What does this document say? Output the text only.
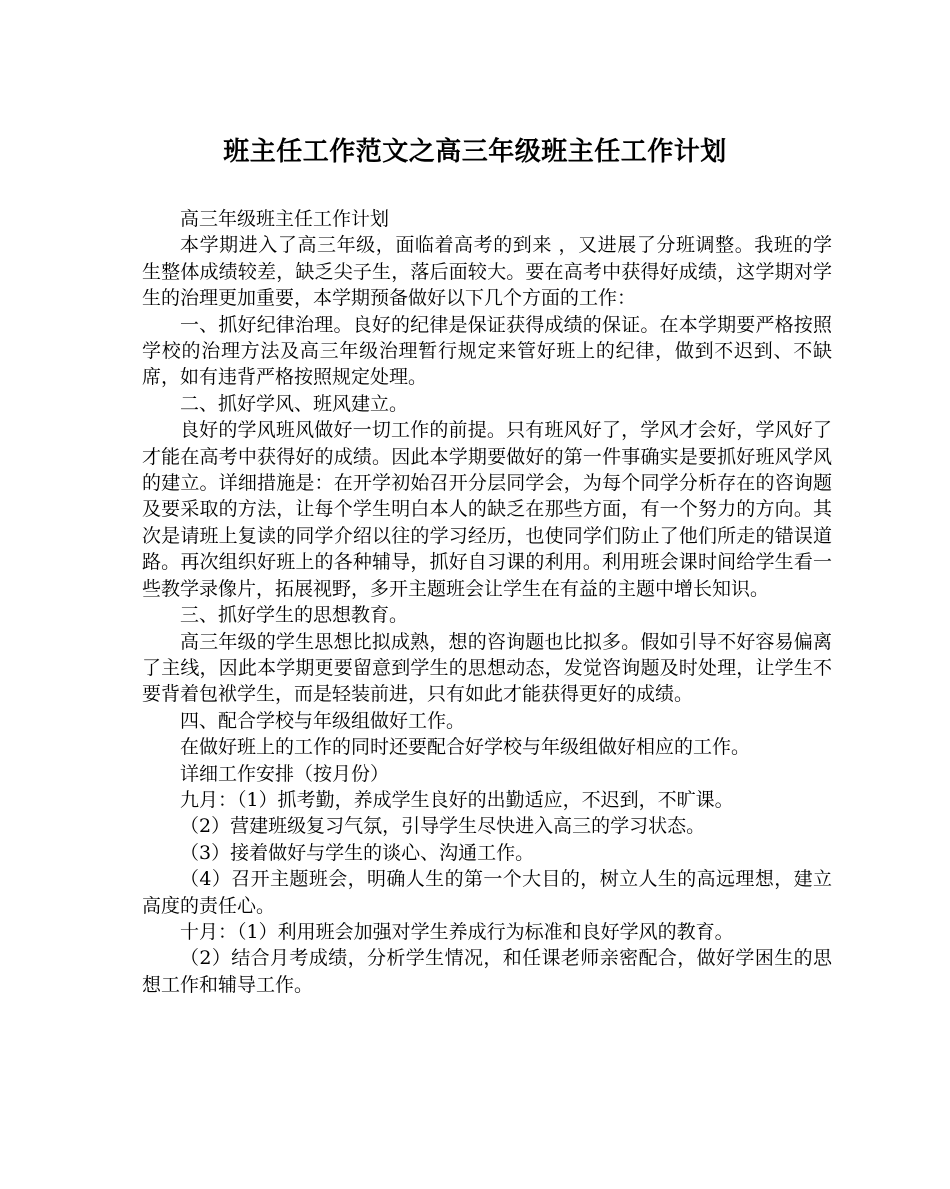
班主任工作范文之高三年级班主任工作计划

高三年级班主任工作计划

本学期进入了高三年级，面临着高考的到来 ，又进展了分班调整。我班的学生整体成绩较差，缺乏尖子生，落后面较大。要在高考中获得好成绩，这学期对学生的治理更加重要，本学期预备做好以下几个方面的工作：

一、抓好纪律治理。良好的纪律是保证获得成绩的保证。在本学期要严格按照学校的治理方法及高三年级治理暂行规定来管好班上的纪律，做到不迟到、不缺席，如有违背严格按照规定处理。

二、抓好学风、班风建立。

良好的学风班风做好一切工作的前提。只有班风好了，学风才会好，学风好了才能在高考中获得好的成绩。因此本学期要做好的第一件事确实是要抓好班风学风的建立。详细措施是：在开学初始召开分层同学会，为每个同学分析存在的咨询题及要采取的方法，让每个学生明白本人的缺乏在那些方面，有一个努力的方向。其次是请班上复读的同学介绍以往的学习经历，也使同学们防止了他们所走的错误道路。再次组织好班上的各种辅导，抓好自习课的利用。利用班会课时间给学生看一些教学录像片，拓展视野，多开主题班会让学生在有益的主题中增长知识。

三、抓好学生的思想教育。

高三年级的学生思想比拟成熟，想的咨询题也比拟多。假如引导不好容易偏离了主线，因此本学期更要留意到学生的思想动态，发觉咨询题及时处理，让学生不要背着包袱学生，而是轻装前进，只有如此才能获得更好的成绩。

四、配合学校与年级组做好工作。

在做好班上的工作的同时还要配合好学校与年级组做好相应的工作。

详细工作安排（按月份）

九月：（1）抓考勤，养成学生良好的出勤适应，不迟到，不旷课。

（2）营建班级复习气氛，引导学生尽快进入高三的学习状态。

（3）接着做好与学生的谈心、沟通工作。

（4）召开主题班会，明确人生的第一个大目的，树立人生的高远理想，建立高度的责任心。

十月：（1）利用班会加强对学生养成行为标准和良好学风的教育。

（2）结合月考成绩，分析学生情况，和任课老师亲密配合，做好学困生的思想工作和辅导工作。
